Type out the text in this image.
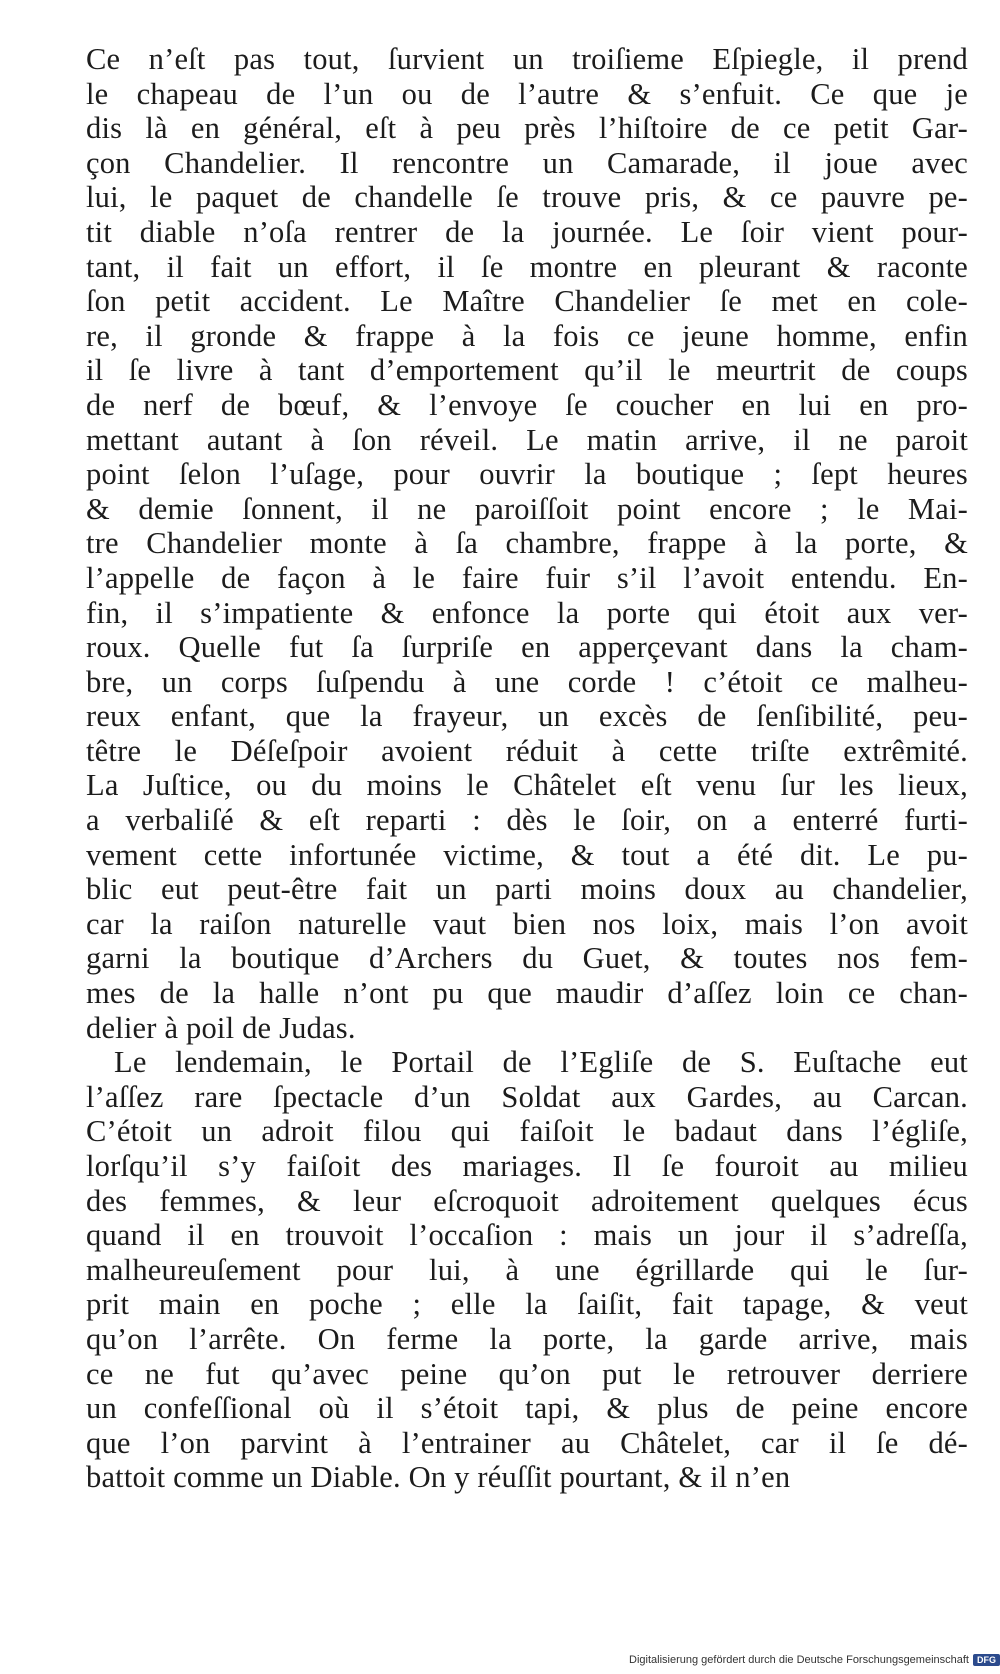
Ce n’eſt pas tout, ſurvient un troiſieme Eſpiegle, il prend
le chapeau de l’un ou de l’autre & s’enfuit. Ce que je
dis là en général, eſt à peu près l’hiſtoire de ce petit Gar-
çon Chandelier. Il rencontre un Camarade, il joue avec
lui, le paquet de chandelle ſe trouve pris, & ce pauvre pe-
tit diable n’oſa rentrer de la journée. Le ſoir vient pour-
tant, il fait un effort, il ſe montre en pleurant & raconte
ſon petit accident. Le Maître Chandelier ſe met en cole-
re, il gronde & frappe à la fois ce jeune homme, enfin
il ſe livre à tant d’emportement qu’il le meurtrit de coups
de nerf de bœuf, & l’envoye ſe coucher en lui en pro-
mettant autant à ſon réveil. Le matin arrive, il ne paroit
point ſelon l’uſage, pour ouvrir la boutique ; ſept heures
& demie ſonnent, il ne paroiſſoit point encore ; le Mai-
tre Chandelier monte à ſa chambre, frappe à la porte, &
l’appelle de façon à le faire fuir s’il l’avoit entendu. En-
fin, il s’impatiente & enfonce la porte qui étoit aux ver-
roux. Quelle fut ſa ſurpriſe en apperçevant dans la cham-
bre, un corps ſuſpendu à une corde ! c’étoit ce malheu-
reux enfant, que la frayeur, un excès de ſenſibilité, peu-
têtre le Déſeſpoir avoient réduit à cette triſte extrêmité.
La Juſtice, ou du moins le Châtelet eſt venu ſur les lieux,
a verbaliſé & eſt reparti : dès le ſoir, on a enterré furti-
vement cette infortunée victime, & tout a été dit. Le pu-
blic eut peut-être fait un parti moins doux au chandelier,
car la raiſon naturelle vaut bien nos loix, mais l’on avoit
garni la boutique d’Archers du Guet, & toutes nos fem-
mes de la halle n’ont pu que maudir d’aſſez loin ce chan-
delier à poil de Judas.
Le lendemain, le Portail de l’Egliſe de S. Euſtache eut
l’aſſez rare ſpectacle d’un Soldat aux Gardes, au Carcan.
C’étoit un adroit filou qui faiſoit le badaut dans l’égliſe,
lorſqu’il s’y faiſoit des mariages. Il ſe fouroit au milieu
des femmes, & leur eſcroquoit adroitement quelques écus
quand il en trouvoit l’occaſion : mais un jour il s’adreſſa,
malheureuſement pour lui, à une égrillarde qui le ſur-
prit main en poche ; elle la ſaiſit, fait tapage, & veut
qu’on l’arrête. On ferme la porte, la garde arrive, mais
ce ne fut qu’avec peine qu’on put le retrouver derriere
un confeſſional où il s’étoit tapi, & plus de peine encore
que l’on parvint à l’entrainer au Châtelet, car il ſe dé-
battoit comme un Diable. On y réuſſit pourtant, & il n’en
Digitalisierung gefördert durch die Deutsche Forschungsgemeinschaft DFG
